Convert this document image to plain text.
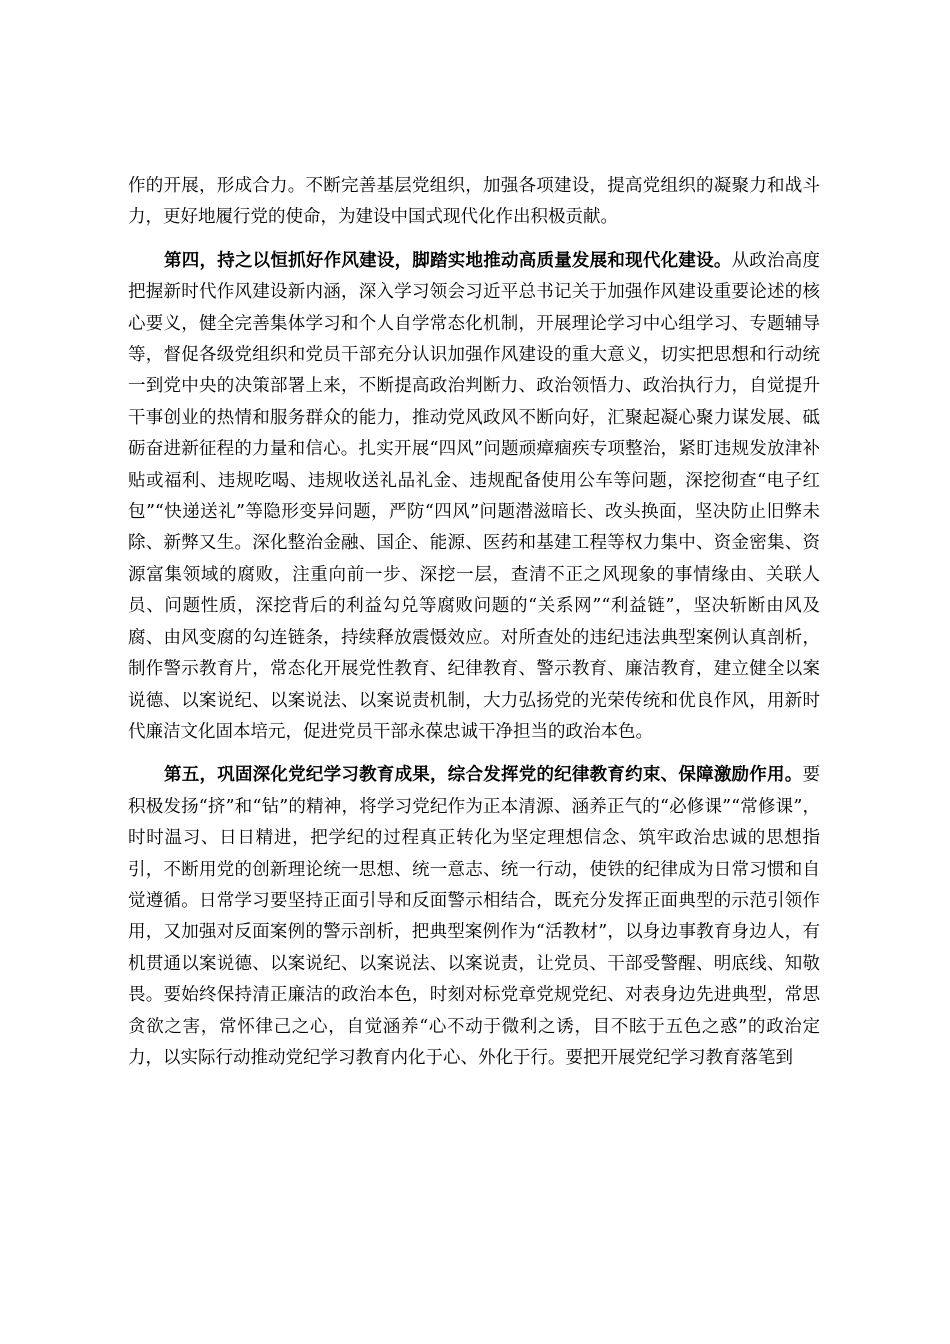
作的开展，形成合力。不断完善基层党组织，加强各项建设，提高党组织的凝聚力和战斗力，更好地履行党的使命，为建设中国式现代化作出积极贡献。

第四，持之以恒抓好作风建设，脚踏实地推动高质量发展和现代化建设。从政治高度把握新时代作风建设新内涵，深入学习领会习近平总书记关于加强作风建设重要论述的核心要义，健全完善集体学习和个人自学常态化机制，开展理论学习中心组学习、专题辅导等，督促各级党组织和党员干部充分认识加强作风建设的重大意义，切实把思想和行动统一到党中央的决策部署上来，不断提高政治判断力、政治领悟力、政治执行力，自觉提升干事创业的热情和服务群众的能力，推动党风政风不断向好，汇聚起凝心聚力谋发展、砥砺奋进新征程的力量和信心。扎实开展“四风”问题顽瘴痼疾专项整治，紧盯违规发放津补贴或福利、违规吃喝、违规收送礼品礼金、违规配备使用公车等问题，深挖彻查“电子红包”“快递送礼”等隐形变异问题，严防“四风”问题潜滋暗长、改头换面，坚决防止旧弊未除、新弊又生。深化整治金融、国企、能源、医药和基建工程等权力集中、资金密集、资源富集领域的腐败，注重向前一步、深挖一层，查清不正之风现象的事情缘由、关联人员、问题性质，深挖背后的利益勾兑等腐败问题的“关系网”“利益链”，坚决斩断由风及腐、由风变腐的勾连链条，持续释放震慑效应。对所查处的违纪违法典型案例认真剖析，制作警示教育片，常态化开展党性教育、纪律教育、警示教育、廉洁教育，建立健全以案说德、以案说纪、以案说法、以案说责机制，大力弘扬党的光荣传统和优良作风，用新时代廉洁文化固本培元，促进党员干部永葆忠诚干净担当的政治本色。

第五，巩固深化党纪学习教育成果，综合发挥党的纪律教育约束、保障激励作用。要积极发扬“挤”和“钻”的精神，将学习党纪作为正本清源、涵养正气的“必修课”“常修课”，时时温习、日日精进，把学纪的过程真正转化为坚定理想信念、筑牢政治忠诚的思想指引，不断用党的创新理论统一思想、统一意志、统一行动，使铁的纪律成为日常习惯和自觉遵循。日常学习要坚持正面引导和反面警示相结合，既充分发挥正面典型的示范引领作用，又加强对反面案例的警示剖析，把典型案例作为“活教材”，以身边事教育身边人，有机贯通以案说德、以案说纪、以案说法、以案说责，让党员、干部受警醒、明底线、知敬畏。要始终保持清正廉洁的政治本色，时刻对标党章党规党纪、对表身边先进典型，常思贪欲之害，常怀律己之心，自觉涵养“心不动于微利之诱，目不眩于五色之惑”的政治定力，以实际行动推动党纪学习教育内化于心、外化于行。要把开展党纪学习教育落笔到
